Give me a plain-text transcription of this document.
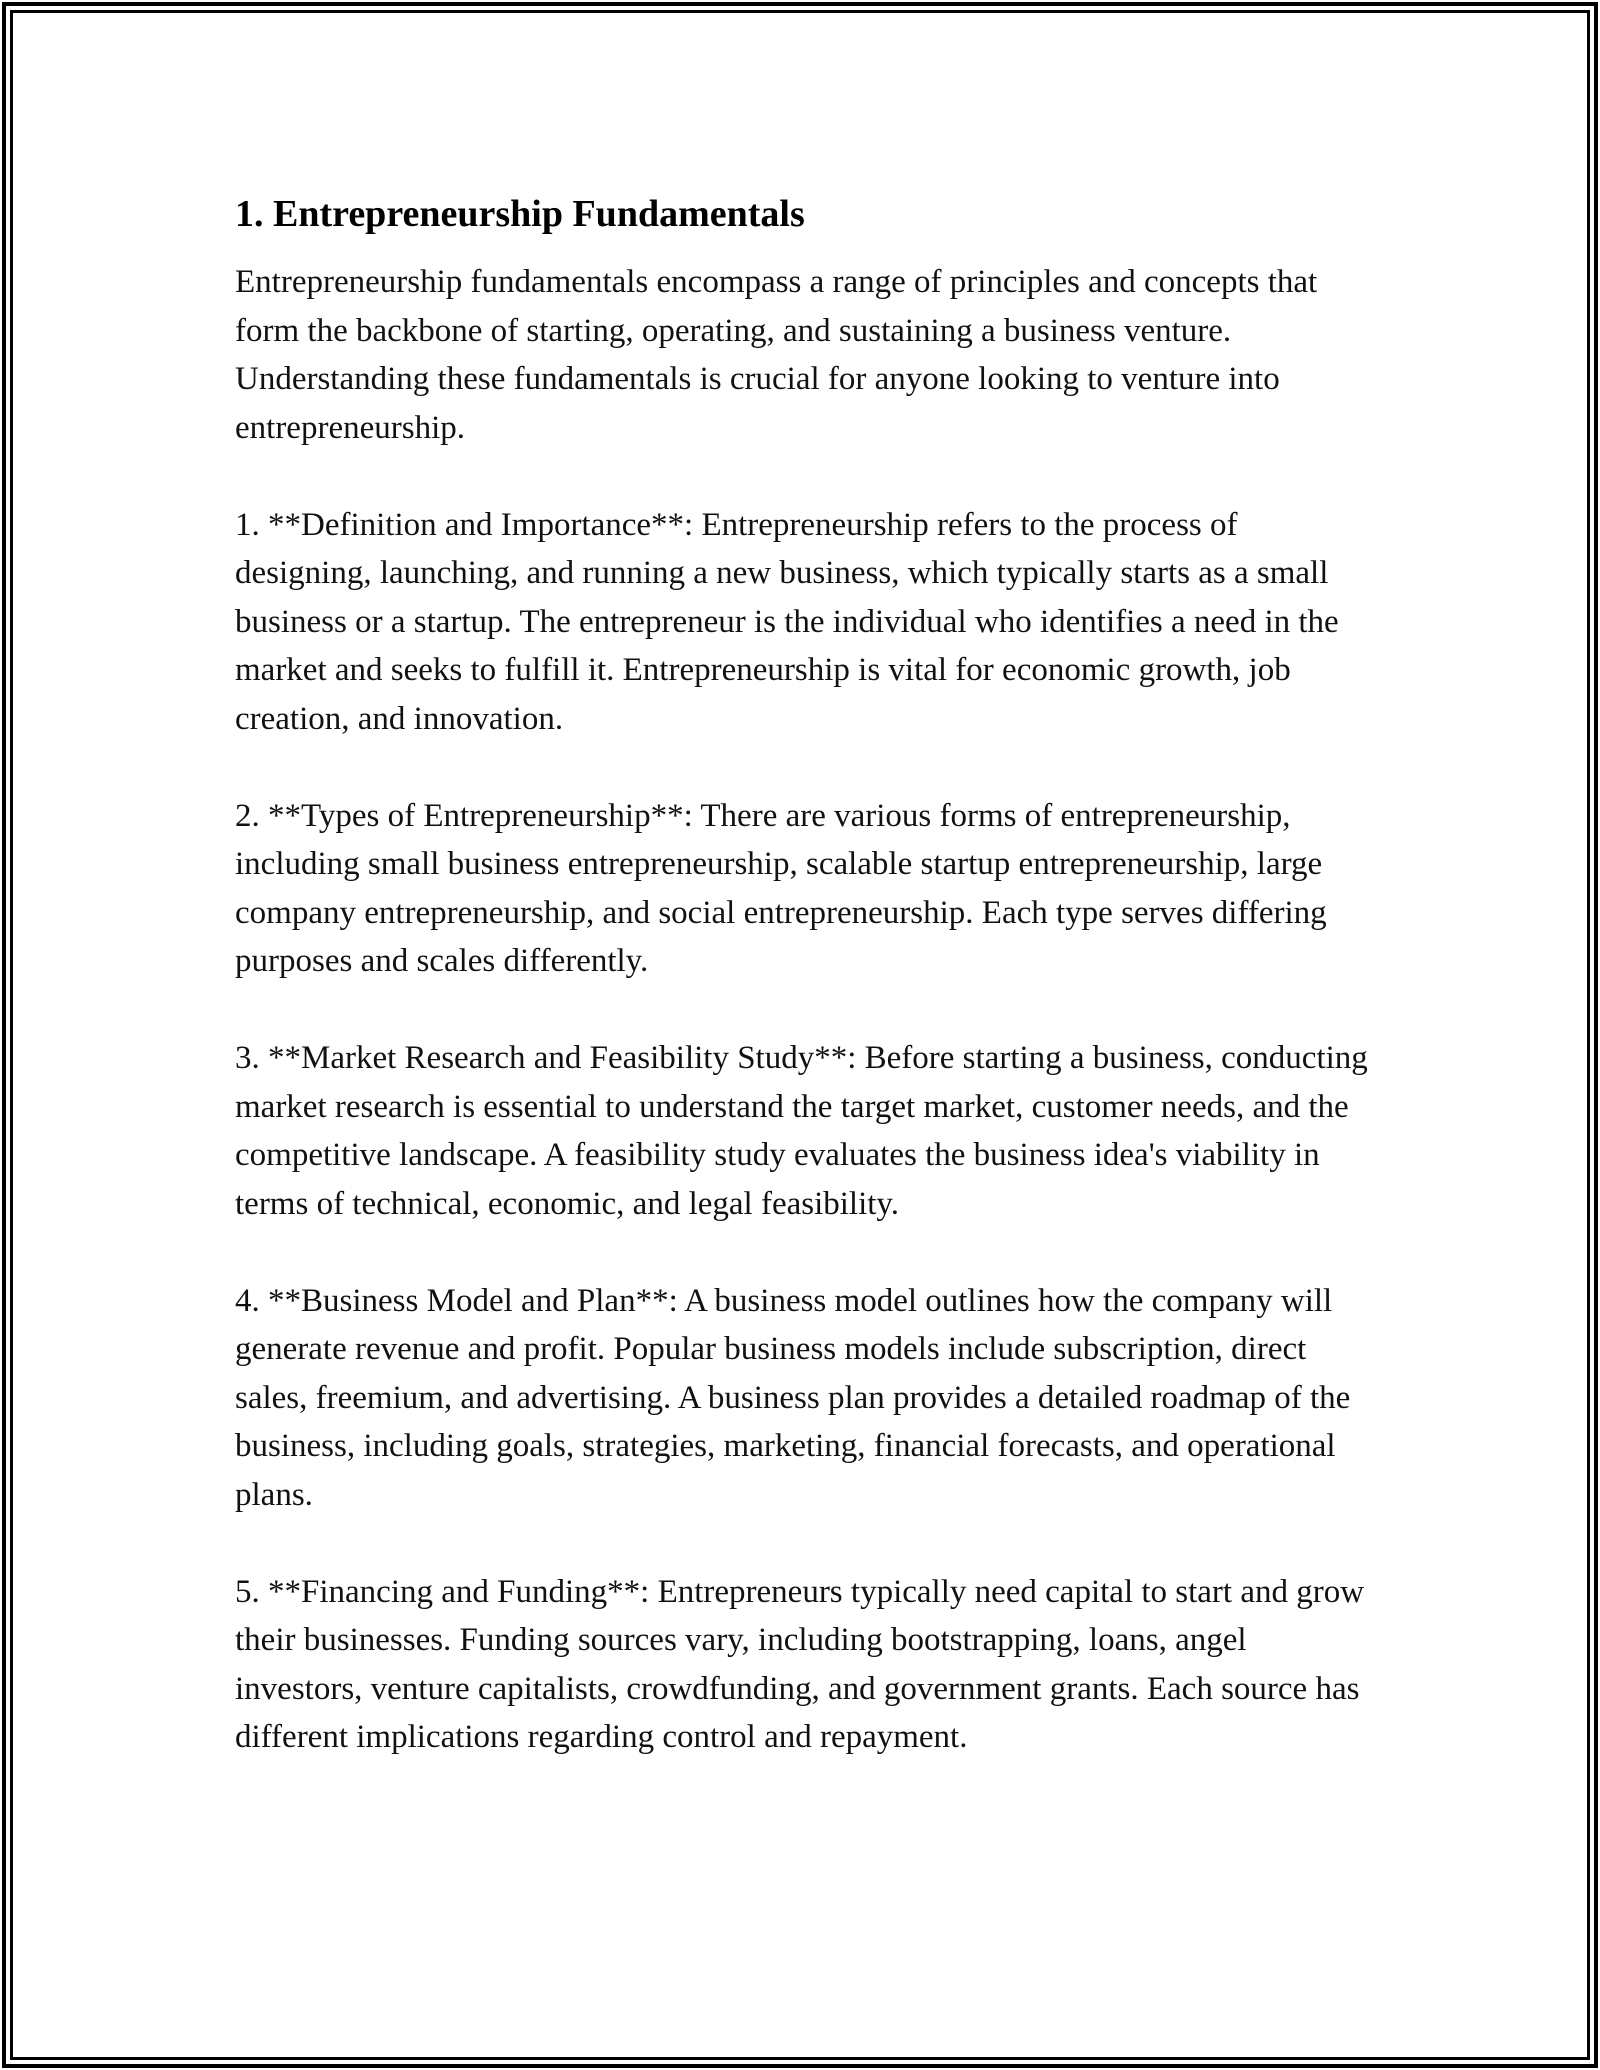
1. Entrepreneurship Fundamentals

Entrepreneurship fundamentals encompass a range of principles and concepts that form the backbone of starting, operating, and sustaining a business venture. Understanding these fundamentals is crucial for anyone looking to venture into entrepreneurship.

1. **Definition and Importance**: Entrepreneurship refers to the process of designing, launching, and running a new business, which typically starts as a small business or a startup. The entrepreneur is the individual who identifies a need in the market and seeks to fulfill it. Entrepreneurship is vital for economic growth, job creation, and innovation.

2. **Types of Entrepreneurship**: There are various forms of entrepreneurship, including small business entrepreneurship, scalable startup entrepreneurship, large company entrepreneurship, and social entrepreneurship. Each type serves differing purposes and scales differently.

3. **Market Research and Feasibility Study**: Before starting a business, conducting market research is essential to understand the target market, customer needs, and the competitive landscape. A feasibility study evaluates the business idea's viability in terms of technical, economic, and legal feasibility.

4. **Business Model and Plan**: A business model outlines how the company will generate revenue and profit. Popular business models include subscription, direct sales, freemium, and advertising. A business plan provides a detailed roadmap of the business, including goals, strategies, marketing, financial forecasts, and operational plans.

5. **Financing and Funding**: Entrepreneurs typically need capital to start and grow their businesses. Funding sources vary, including bootstrapping, loans, angel investors, venture capitalists, crowdfunding, and government grants. Each source has different implications regarding control and repayment.
